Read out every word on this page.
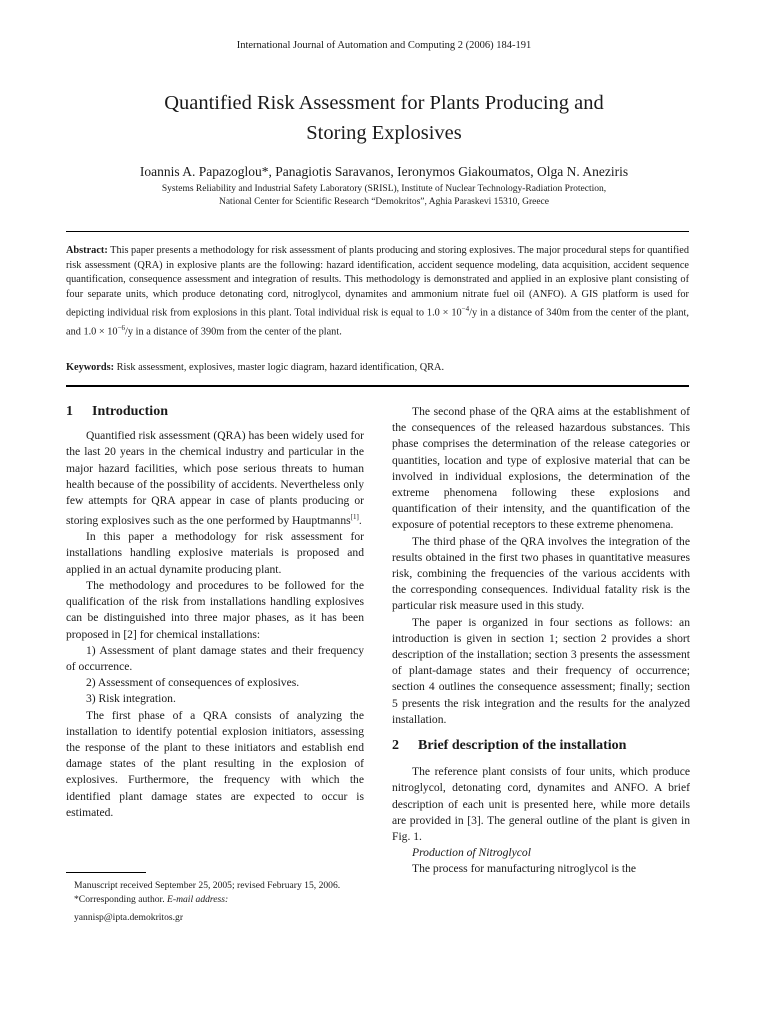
International Journal of Automation and Computing 2 (2006) 184-191
Quantified Risk Assessment for Plants Producing and
Storing Explosives
Ioannis A. Papazoglou*, Panagiotis Saravanos, Ieronymos Giakoumatos, Olga N. Aneziris
Systems Reliability and Industrial Safety Laboratory (SRISL), Institute of Nuclear Technology-Radiation Protection,
National Center for Scientific Research “Demokritos”, Aghia Paraskevi 15310, Greece
Abstract: This paper presents a methodology for risk assessment of plants producing and storing explosives. The major procedural steps for quantified risk assessment (QRA) in explosive plants are the following: hazard identification, accident sequence modeling, data acquisition, accident sequence quantification, consequence assessment and integration of results. This methodology is demonstrated and applied in an explosive plant consisting of four separate units, which produce detonating cord, nitroglycol, dynamites and ammonium nitrate fuel oil (ANFO). A GIS platform is used for depicting individual risk from explosions in this plant. Total individual risk is equal to $1.0 \times 10^{-4}/y$ in a distance of 340m from the center of the plant, and $1.0 \times 10^{-6}/y$ in a distance of 390m from the center of the plant.
Keywords: Risk assessment, explosives, master logic diagram, hazard identification, QRA.
1 Introduction

Quantified risk assessment (QRA) has been widely used for the last 20 years in the chemical industry and particular in the major hazard facilities, which pose serious threats to human health because of the possibility of accidents. Nevertheless only few attempts for QRA appear in case of plants producing or storing explosives such as the one performed by Hauptmanns[1].

In this paper a methodology for risk assessment for installations handling explosive materials is proposed and applied in an actual dynamite producing plant.

The methodology and procedures to be followed for the qualification of the risk from installations handling explosives can be distinguished into three major phases, as it has been proposed in [2] for chemical installations:

1) Assessment of plant damage states and their frequency of occurrence.

2) Assessment of consequences of explosives.

3) Risk integration.

The first phase of a QRA consists of analyzing the installation to identify potential explosion initiators, assessing the response of the plant to these initiators and establish end damage states of the plant resulting in the explosion of explosives. Furthermore, the frequency with which the identified plant damage states are expected to occur is estimated.

Manuscript received September 25, 2005; revised February 15, 2006.

*Corresponding author. E-mail address:

yannisp@ipta.demokritos.gr

The second phase of the QRA aims at the establishment of the consequences of the released hazardous substances. This phase comprises the determination of the release categories or quantities, location and type of explosive material that can be involved in individual explosions, the determination of the extreme phenomena following these explosions and quantification of their intensity, and the quantification of the exposure of potential receptors to these extreme phenomena.

The third phase of the QRA involves the integration of the results obtained in the first two phases in quantitative measures risk, combining the frequencies of the various accidents with the corresponding consequences. Individual fatality risk is the particular risk measure used in this study.

The paper is organized in four sections as follows: an introduction is given in section 1; section 2 provides a short description of the installation; section 3 presents the assessment of plant-damage states and their frequency of occurrence; section 4 outlines the consequence assessment; finally; section 5 presents the risk integration and the results for the analyzed installation.

2 Brief description of the installation

The reference plant consists of four units, which produce nitroglycol, detonating cord, dynamites and ANFO. A brief description of each unit is presented here, while more details are provided in [3]. The general outline of the plant is given in Fig. 1.

Production of Nitroglycol

The process for manufacturing nitroglycol is the
